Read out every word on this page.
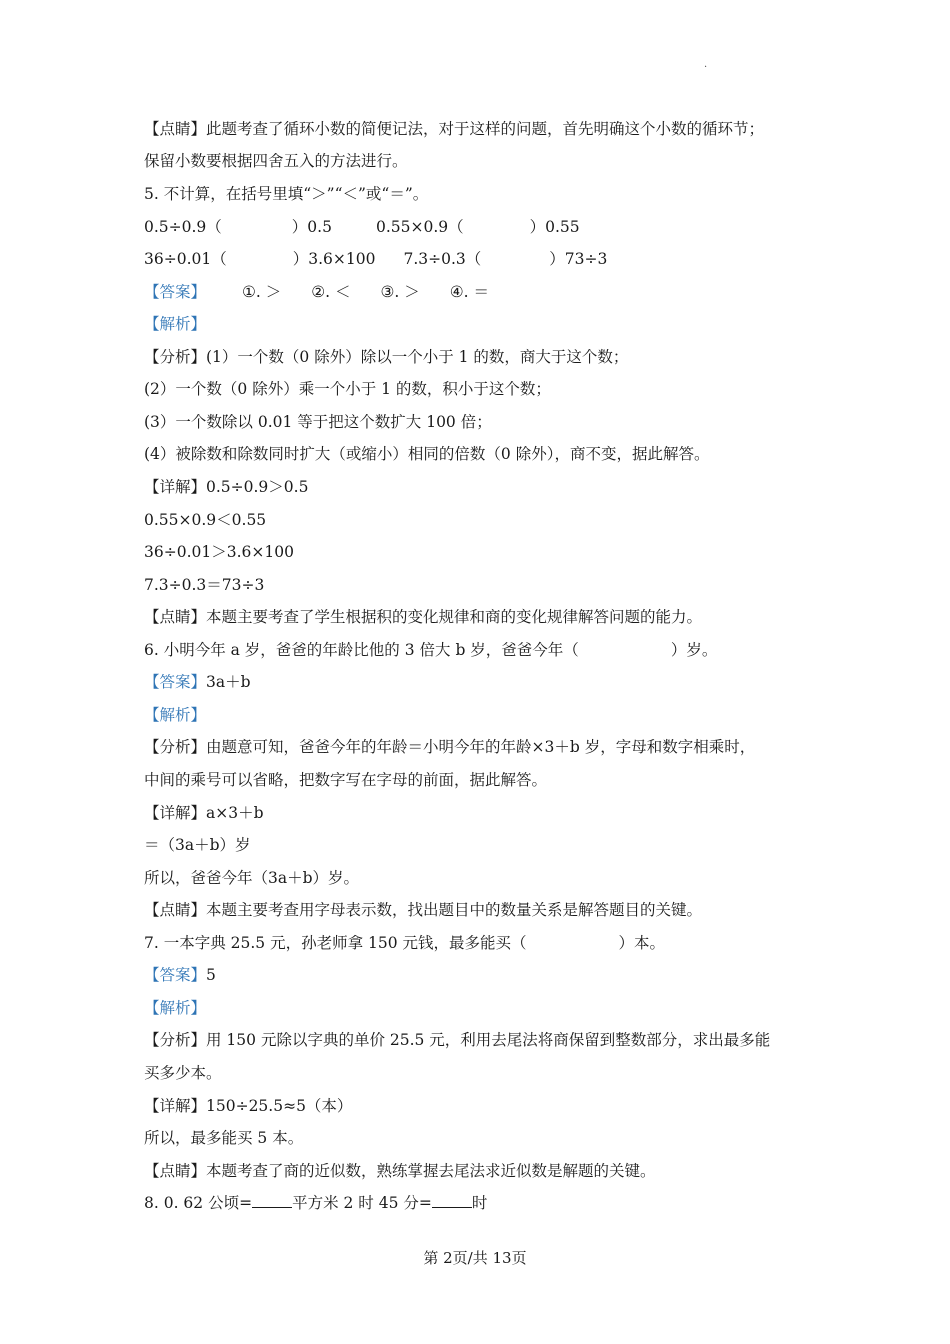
·
【点睛】此题考查了循环小数的简便记法，对于这样的问题，首先明确这个小数的循环节；
保留小数要根据四舍五入的方法进行。
5. 不计算，在括号里填“＞”“＜”或“＝”。
0.5÷0.9（	）0.5	0.55×0.9（	）0.55
36÷0.01（	）3.6×100 7.3÷0.3（	）73÷3
【答案】 ①. ＞ ②. ＜ ③. ＞ ④. ＝
【解析】
【分析】(1）一个数（0 除外）除以一个小于 1 的数，商大于这个数；
(2）一个数（0 除外）乘一个小于 1 的数，积小于这个数；
(3）一个数除以 0.01 等于把这个数扩大 100 倍；
(4）被除数和除数同时扩大（或缩小）相同的倍数（0 除外），商不变，据此解答。
【详解】0.5÷0.9＞0.5
0.55×0.9＜0.55
36÷0.01＞3.6×100
7.3÷0.3＝73÷3
【点睛】本题主要考查了学生根据积的变化规律和商的变化规律解答问题的能力。
6. 小明今年 a 岁，爸爸的年龄比他的 3 倍大 b 岁，爸爸今年（	）岁。
【答案】3a＋b
【解析】
【分析】由题意可知，爸爸今年的年龄＝小明今年的年龄×3＋b 岁，字母和数字相乘时，
中间的乘号可以省略，把数字写在字母的前面，据此解答。
【详解】a×3＋b
＝（3a＋b）岁
所以，爸爸今年（3a＋b）岁。
【点睛】本题主要考查用字母表示数，找出题目中的数量关系是解答题目的关键。
7. 一本字典 25.5 元，孙老师拿 150 元钱，最多能买（	）本。
【答案】5
【解析】
【分析】用 150 元除以字典的单价 25.5 元，利用去尾法将商保留到整数部分，求出最多能
买多少本。
【详解】150÷25.5≈5（本）
所以，最多能买 5 本。
【点睛】本题考查了商的近似数，熟练掌握去尾法求近似数是解题的关键。
8. 0. 62 公顷=	平方米 2 时 45 分=	时
第 2页/共 13页
